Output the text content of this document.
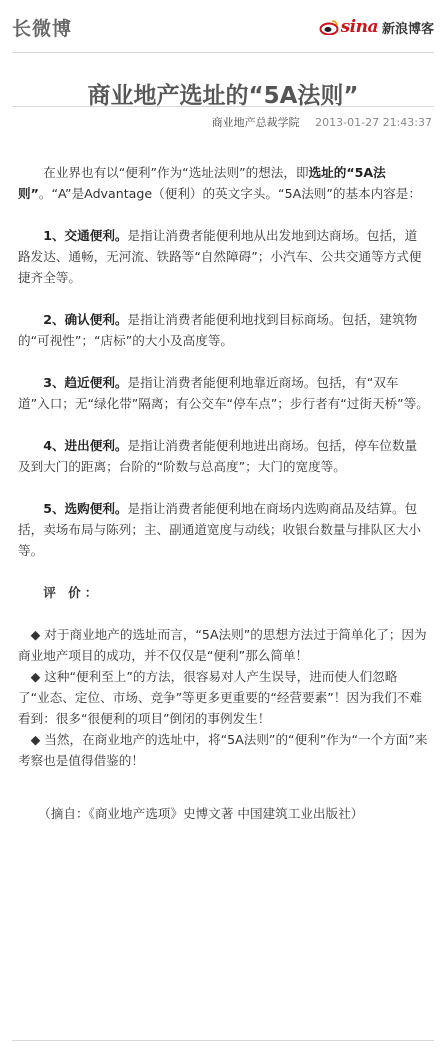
长微博	sina 新浪博客
商业地产选址的“5A法则”
商业地产总裁学院 2013-01-27 21:43:37

在业界也有以“便利”作为“选址法则”的想法，即选址的“5A法则”。“A”是Advantage（便利）的英文字头。“5A法则”的基本内容是：

1、交通便利。是指让消费者能便利地从出发地到达商场。包括，道路发达、通畅，无河流、铁路等“自然障碍”；小汽车、公共交通等方式便捷齐全等。

2、确认便利。是指让消费者能便利地找到目标商场。包括，建筑物的“可视性”；“店标”的大小及高度等。

3、趋近便利。是指让消费者能便利地靠近商场。包括，有“双车道”入口；无“绿化带”隔离；有公交车“停车点”；步行者有“过街天桥”等。

4、进出便利。是指让消费者能便利地进出商场。包括，停车位数量及到大门的距离；台阶的“阶数与总高度”；大门的宽度等。

5、选购便利。是指让消费者能便利地在商场内选购商品及结算。包括，卖场布局与陈列；主、副通道宽度与动线；收银台数量与排队区大小等。

评 价：

◆ 对于商业地产的选址而言，“5A法则”的思想方法过于简单化了；因为商业地产项目的成功，并不仅仅是“便利”那么简单！

◆ 这种“便利至上”的方法，很容易对人产生误导，进而使人们忽略了“业态、定位、市场、竞争”等更多更重要的“经营要素”！因为我们不难看到：很多“很便利的项目”倒闭的事例发生！

◆ 当然，在商业地产的选址中，将“5A法则”的“便利”作为“一个方面”来考察也是值得借鉴的！

（摘自：《商业地产选项》史博文著 中国建筑工业出版社）
